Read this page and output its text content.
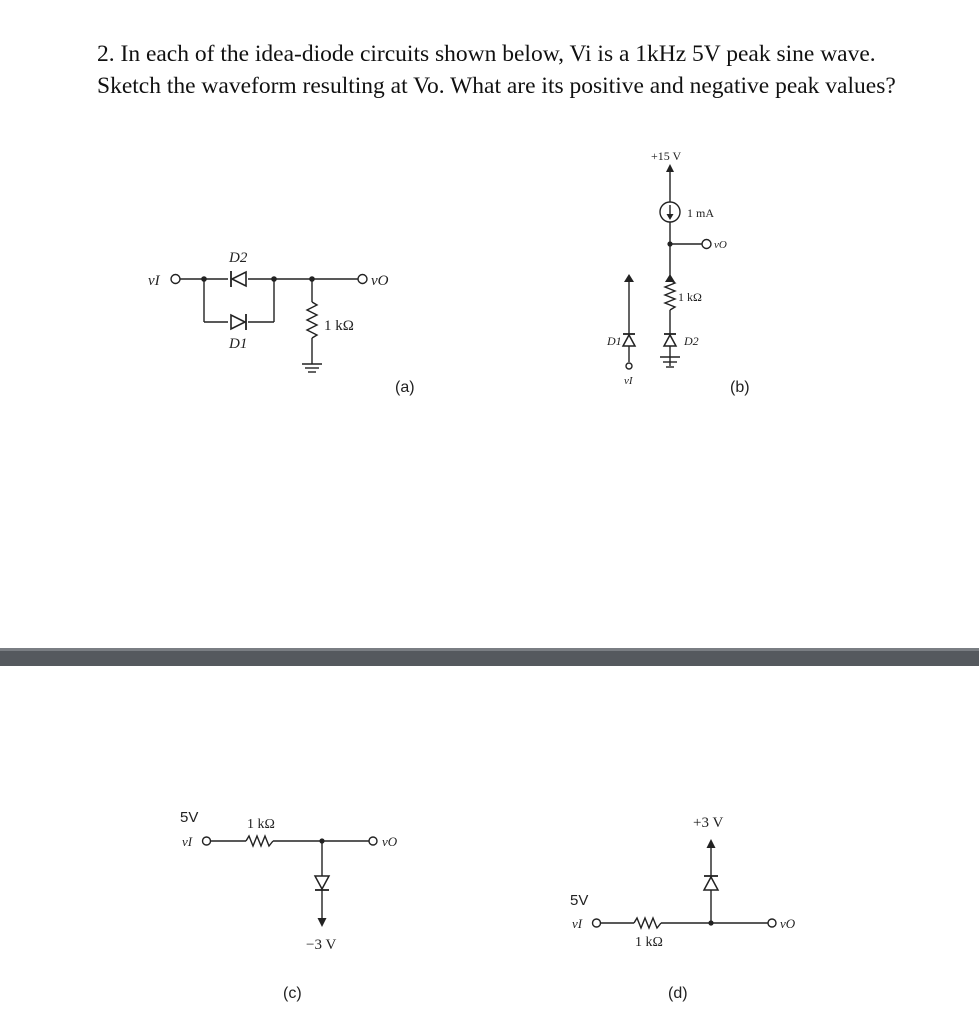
2. In each of the idea-diode circuits shown below, Vi is a 1kHz 5V peak sine wave.
Sketch the waveform resulting at Vo. What are its positive and negative peak values?
vI	vO
D2
D1
1 kΩ
(a)
+15 V
1 mA
vO
1 kΩ
D1	D2
vI	(b)
5V
vI
1 kΩ
vO
−3 V
(c)
+3 V
5V
vI
1 kΩ
vO
(d)
